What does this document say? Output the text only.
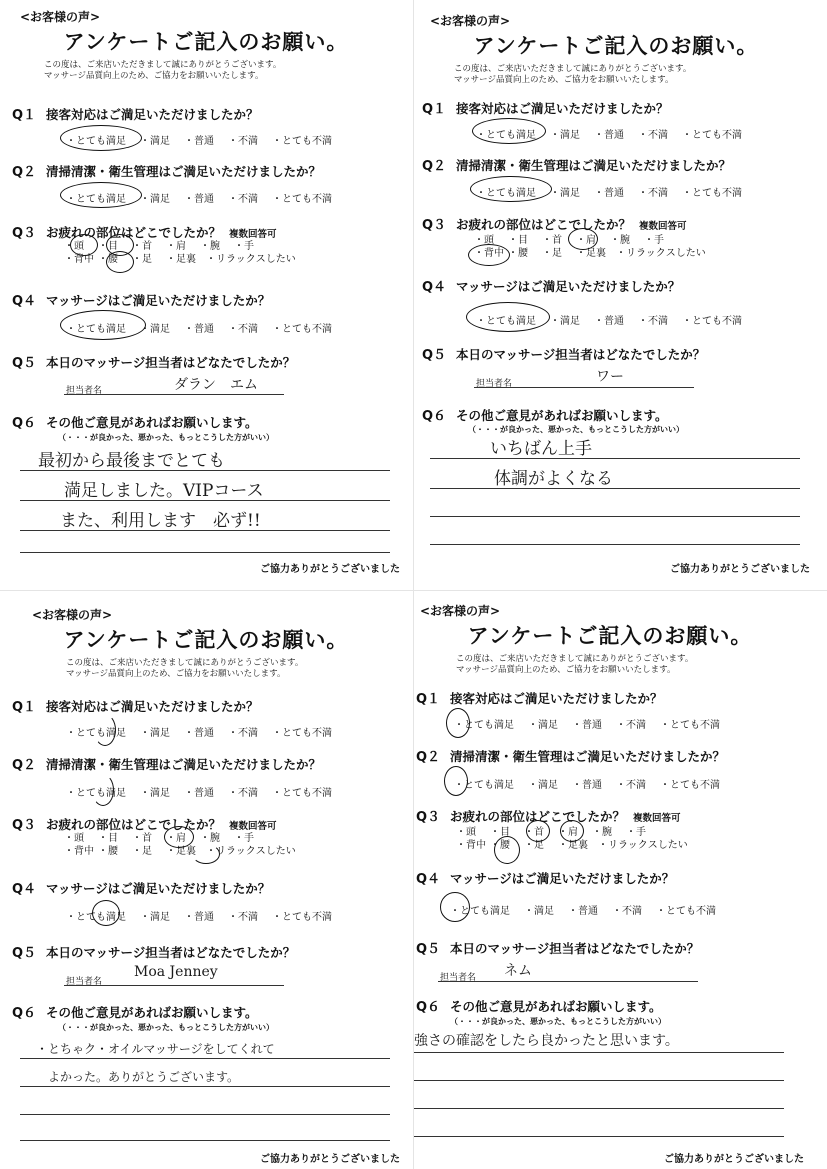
<お客様の声>
アンケートご記入のお願い。
この度は、ご来店いただきまして誠にありがとうございます。
マッサージ品質向上のため、ご協力をお願いいたします。
Q１ 接客対応はご満足いただけましたか？
・とても満足 ・満足 ・普通 ・不満 ・とても不満
Q２ 清掃清潔・衛生管理はご満足いただけましたか？
・とても満足 ・満足 ・普通 ・不満 ・とても不満
Q３ お疲れの部位はどこでしたか？ 複数回答可
・頭 ・目 ・首 ・肩 ・腕 ・手
・背中 ・腰 ・足 ・足裏 ・リラックスしたい
Q４ マッサージはご満足いただけましたか？
・とても満足 ・満足 ・普通 ・不満 ・とても不満
Q５ 本日のマッサージ担当者はどなたでしたか？
担当者名	ダラン　エム
Q６ その他ご意見があればお願いします。
（・・・が良かった、悪かった、もっとこうした方がいい）
最初から最後までとても
満足しました。VIPコース
また、利用します　必ず!!
ご協力ありがとうございました
<お客様の声>
アンケートご記入のお願い。
この度は、ご来店いただきまして誠にありがとうございます。
マッサージ品質向上のため、ご協力をお願いいたします。
Q１ 接客対応はご満足いただけましたか？
・とても満足 ・満足 ・普通 ・不満 ・とても不満
Q２ 清掃清潔・衛生管理はご満足いただけましたか？
・とても満足 ・満足 ・普通 ・不満 ・とても不満
Q３ お疲れの部位はどこでしたか？ 複数回答可
・頭 ・目 ・首 ・肩 ・腕 ・手
・背中 ・腰 ・足 ・足裏 ・リラックスしたい
Q４ マッサージはご満足いただけましたか？
・とても満足 ・満足 ・普通 ・不満 ・とても不満
Q５ 本日のマッサージ担当者はどなたでしたか？
担当者名	ワー
Q６ その他ご意見があればお願いします。
（・・・が良かった、悪かった、もっとこうした方がいい）
いちばん上手
体調がよくなる
ご協力ありがとうございました
<お客様の声>
アンケートご記入のお願い。
この度は、ご来店いただきまして誠にありがとうございます。
マッサージ品質向上のため、ご協力をお願いいたします。
Q１ 接客対応はご満足いただけましたか？
・とても満足 ・満足 ・普通 ・不満 ・とても不満
Q２ 清掃清潔・衛生管理はご満足いただけましたか？
・とても満足 ・満足 ・普通 ・不満 ・とても不満
Q３ お疲れの部位はどこでしたか？ 複数回答可
・頭 ・目 ・首 ・肩 ・腕 ・手
・背中 ・腰 ・足 ・足裏 ・リラックスしたい
Q４ マッサージはご満足いただけましたか？
・とても満足 ・満足 ・普通 ・不満 ・とても不満
Q５ 本日のマッサージ担当者はどなたでしたか？
担当者名
Moa Jenney
Q６ その他ご意見があればお願いします。
（・・・が良かった、悪かった、もっとこうした方がいい）
・とちゃク・オイルマッサージをしてくれて
よかった。ありがとうございます。
ご協力ありがとうございました
<お客様の声>
アンケートご記入のお願い。
この度は、ご来店いただきまして誠にありがとうございます。
マッサージ品質向上のため、ご協力をお願いいたします。
Q１ 接客対応はご満足いただけましたか？
・とても満足 ・満足 ・普通 ・不満 ・とても不満
Q２ 清掃清潔・衛生管理はご満足いただけましたか？
・とても満足 ・満足 ・普通 ・不満 ・とても不満
Q３ お疲れの部位はどこでしたか？ 複数回答可
・頭 ・目 ・首 ・肩 ・腕 ・手
・背中 ・腰 ・足 ・足裏 ・リラックスしたい
Q４ マッサージはご満足いただけましたか？
・とても満足 ・満足 ・普通 ・不満 ・とても不満
Q５ 本日のマッサージ担当者はどなたでしたか？
担当者名 ネム
Q６ その他ご意見があればお願いします。
（・・・が良かった、悪かった、もっとこうした方がいい）
強さの確認をしたら良かったと思います。
ご協力ありがとうございました
